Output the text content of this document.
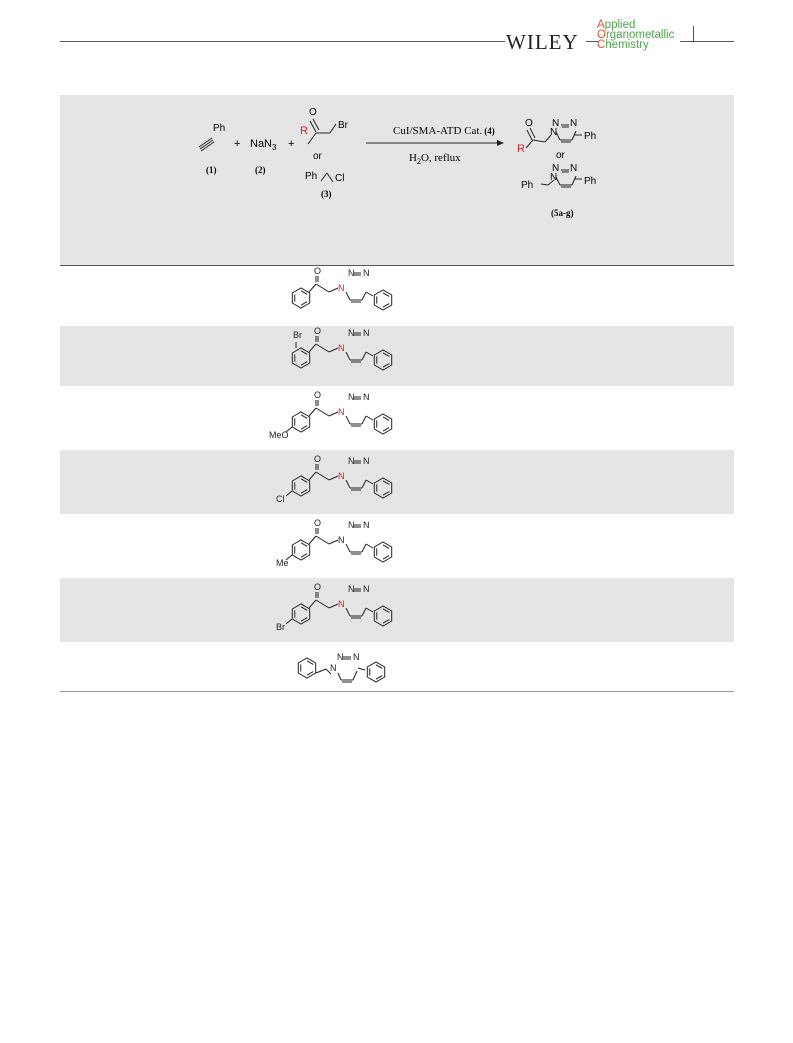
WILEY
Applied
Organometallic
Chemistry
Ph
(1)
+ NaN$_3$
(2)
+
O
R	Br
or
Ph Cl
(3)
CuI/SMA-ATD Cat. (4)
$H_2O$, reflux
O
R
N
N N
Ph
or
Ph
N
N N
Ph
(5a-g)
O
N
N N
O
N
N N
Br
O
N
N N
MeO
O
N
N N
Cl
O
N
N N
Me
O
N
N N
Br
N
N N
